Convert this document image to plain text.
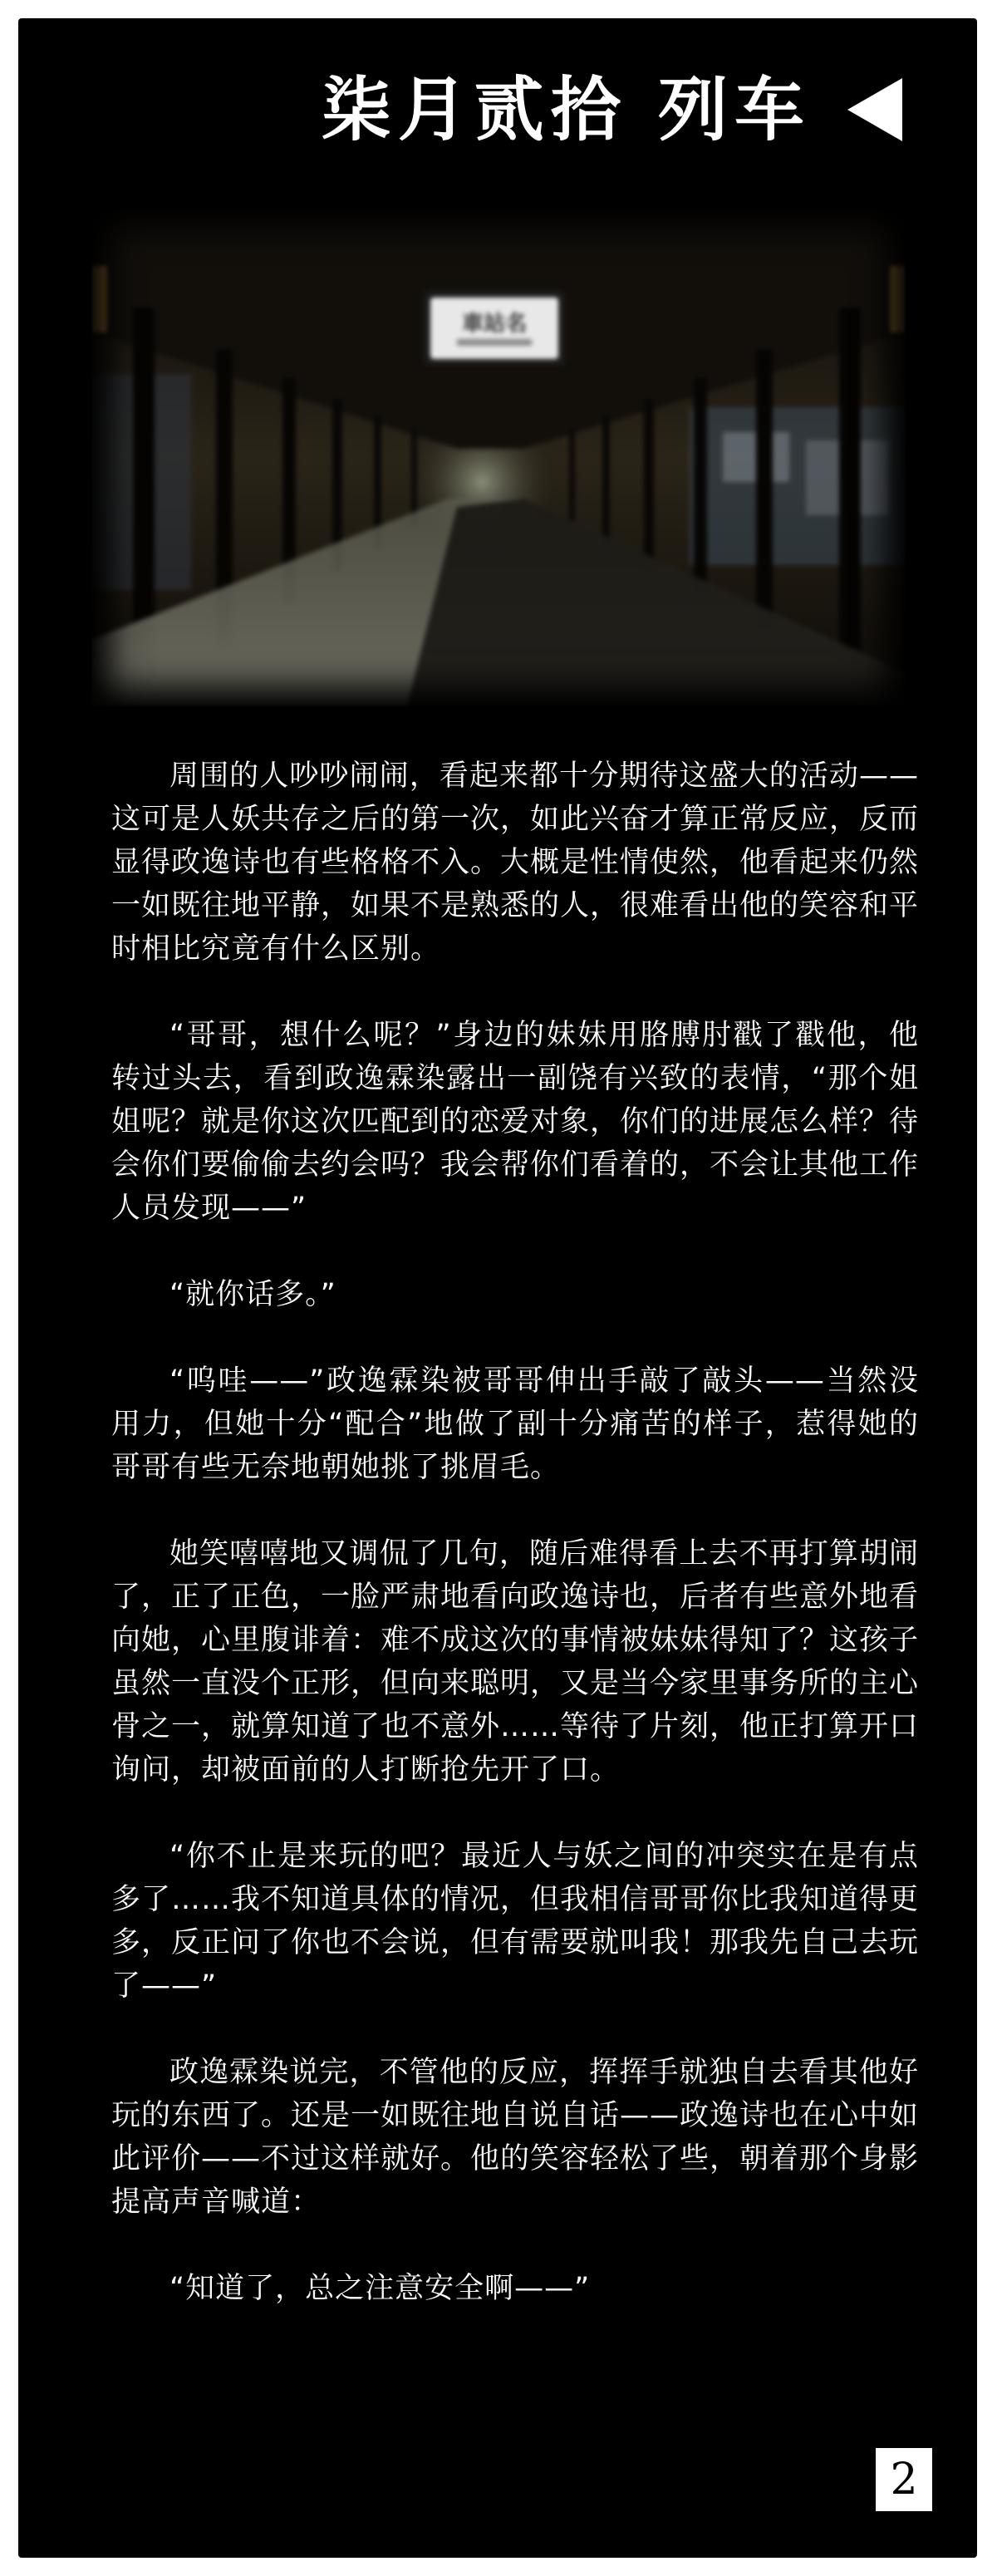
柒月贰拾 列车
車站名

周围的人吵吵闹闹，看起来都十分期待这盛大的活动——这可是人妖共存之后的第一次，如此兴奋才算正常反应，反而显得政逸诗也有些格格不入。大概是性情使然，他看起来仍然一如既往地平静，如果不是熟悉的人，很难看出他的笑容和平时相比究竟有什么区别。

“哥哥，想什么呢？”身边的妹妹用胳膊肘戳了戳他，他转过头去，看到政逸霖染露出一副饶有兴致的表情，“那个姐姐呢？就是你这次匹配到的恋爱对象，你们的进展怎么样？待会你们要偷偷去约会吗？我会帮你们看着的，不会让其他工作人员发现——”

“就你话多。”

“呜哇——”政逸霖染被哥哥伸出手敲了敲头——当然没用力，但她十分“配合”地做了副十分痛苦的样子，惹得她的哥哥有些无奈地朝她挑了挑眉毛。

她笑嘻嘻地又调侃了几句，随后难得看上去不再打算胡闹了，正了正色，一脸严肃地看向政逸诗也，后者有些意外地看向她，心里腹诽着：难不成这次的事情被妹妹得知了？这孩子虽然一直没个正形，但向来聪明，又是当今家里事务所的主心骨之一，就算知道了也不意外……等待了片刻，他正打算开口询问，却被面前的人打断抢先开了口。

“你不止是来玩的吧？最近人与妖之间的冲突实在是有点多了……我不知道具体的情况，但我相信哥哥你比我知道得更多，反正问了你也不会说，但有需要就叫我！那我先自己去玩了——”

政逸霖染说完，不管他的反应，挥挥手就独自去看其他好玩的东西了。还是一如既往地自说自话——政逸诗也在心中如此评价——不过这样就好。他的笑容轻松了些，朝着那个身影提高声音喊道：

“知道了，总之注意安全啊——”

2
